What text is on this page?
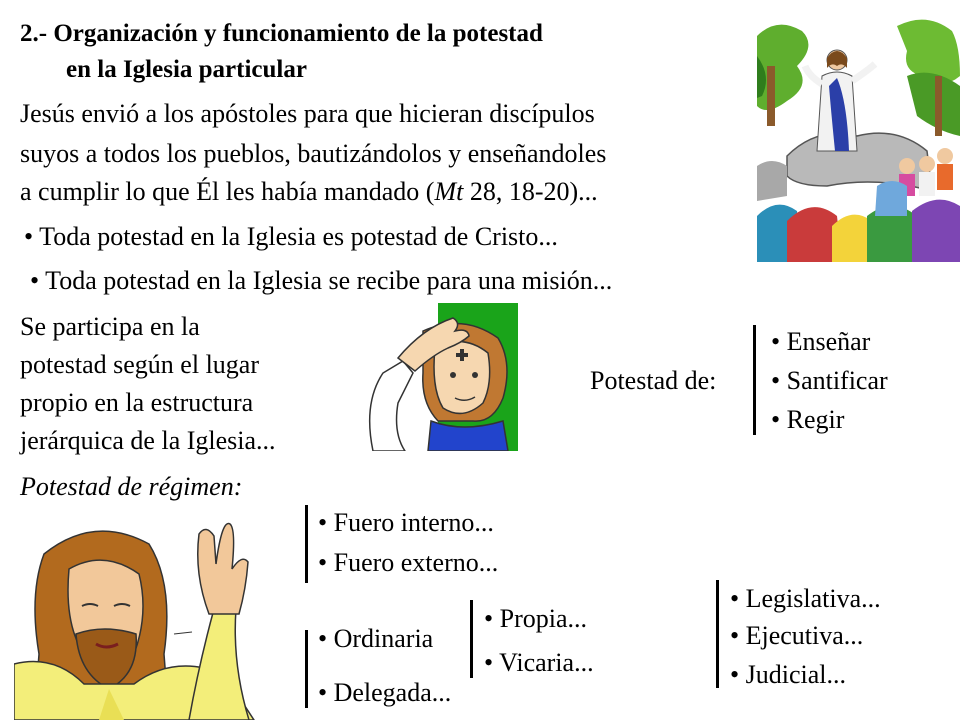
2.- Organización y funcionamiento de la potestad
en la Iglesia particular
Jesús envió a los apóstoles para que hicieran discípulos
suyos a todos los pueblos, bautizándolos y enseñandoles
a cumplir lo que Él les había mandado (Mt 28, 18-20)...
• Toda potestad en la Iglesia es potestad de Cristo...
• Toda potestad en la Iglesia se recibe para una misión...
Se participa en la
potestad según el lugar
propio en la estructura
jerárquica de la Iglesia...
Potestad de:
• Enseñar
• Santificar
• Regir
Potestad de régimen:
• Fuero interno...
• Fuero externo...
• Ordinaria
• Delegada...
• Propia...
• Vicaria...
• Legislativa...
• Ejecutiva...
• Judicial...
